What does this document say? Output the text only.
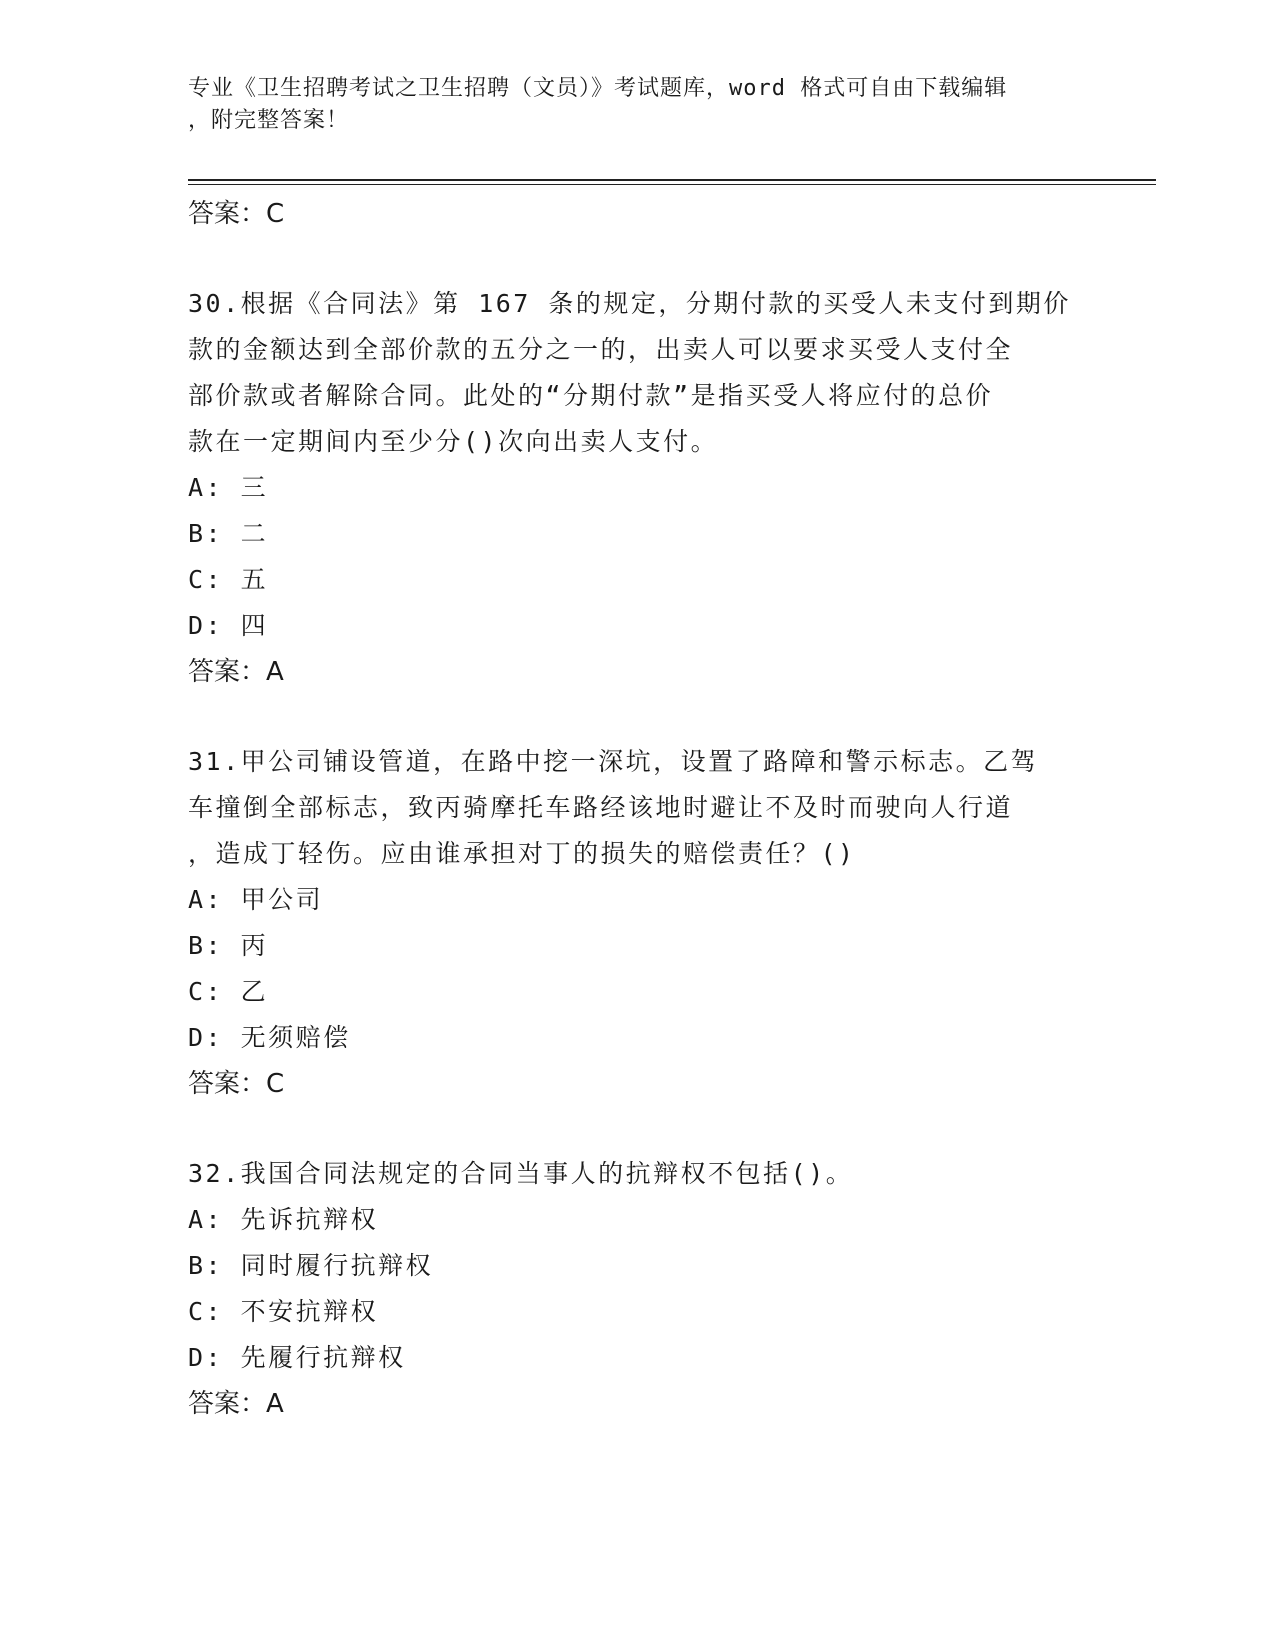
专业《卫生招聘考试之卫生招聘（文员）》考试题库，word 格式可自由下载编辑
，附完整答案！
答案：C
30.根据《合同法》第 167 条的规定，分期付款的买受人未支付到期价
款的金额达到全部价款的五分之一的，出卖人可以要求买受人支付全
部价款或者解除合同。此处的“分期付款”是指买受人将应付的总价
款在一定期间内至少分()次向出卖人支付。
A: 三
B: 二
C: 五
D: 四
答案：A
31.甲公司铺设管道，在路中挖一深坑，设置了路障和警示标志。乙驾
车撞倒全部标志，致丙骑摩托车路经该地时避让不及时而驶向人行道
，造成丁轻伤。应由谁承担对丁的损失的赔偿责任？()
A: 甲公司
B: 丙
C: 乙
D: 无须赔偿
答案：C
32.我国合同法规定的合同当事人的抗辩权不包括()。
A: 先诉抗辩权
B: 同时履行抗辩权
C: 不安抗辩权
D: 先履行抗辩权
答案：A
